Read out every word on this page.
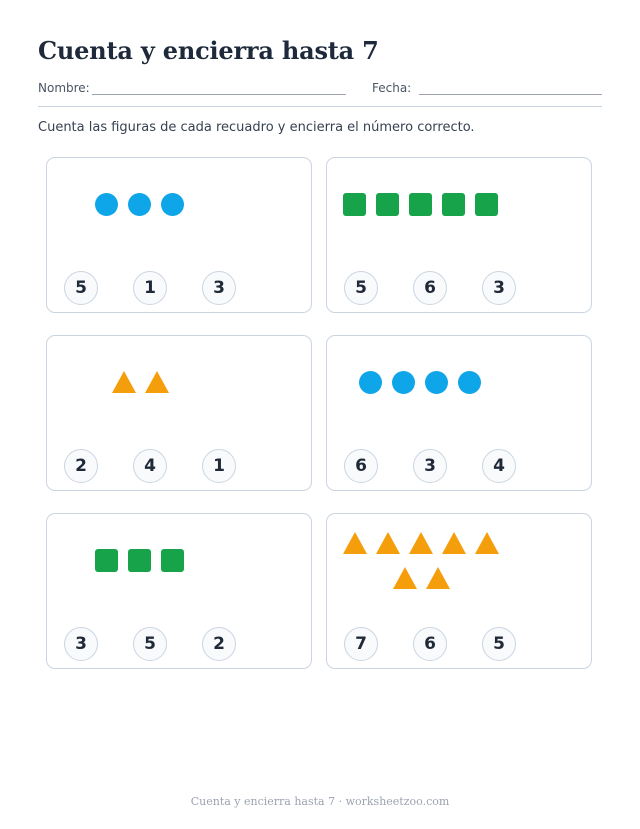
Cuenta y encierra hasta 7
Nombre:	Fecha:
Cuenta las figuras de cada recuadro y encierra el número correcto.
5	1	3	5	6	3
2	4	1	6	3	4
3	5	2	7	6	5
Cuenta y encierra hasta 7 · worksheetzoo.com
